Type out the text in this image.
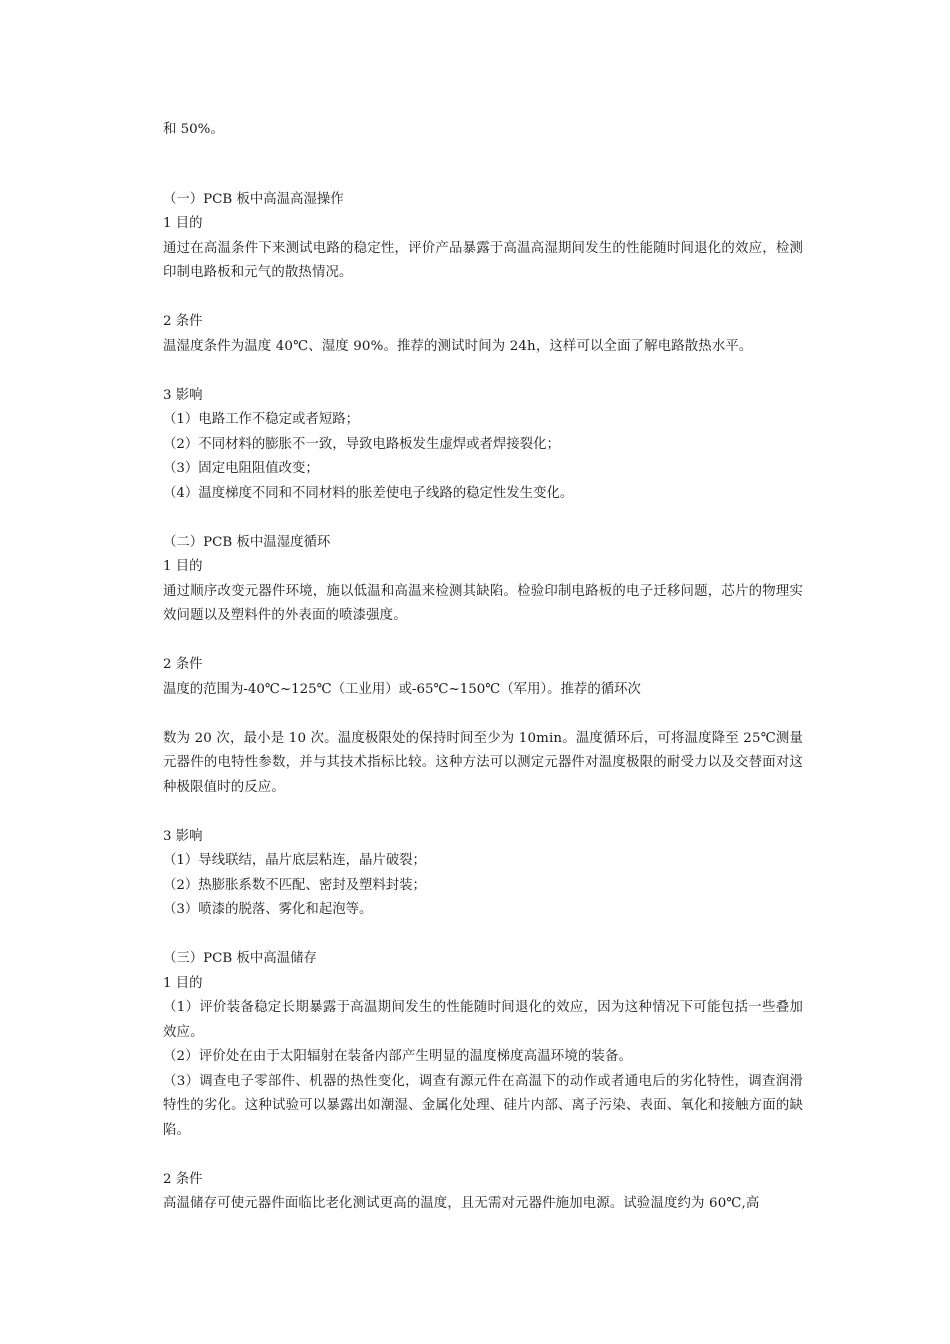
和 50%。

（一）PCB 板中高温高湿操作

1 目的

通过在高温条件下来测试电路的稳定性，评价产品暴露于高温高湿期间发生的性能随时间退化的效应，检测印制电路板和元气的散热情况。

2 条件

温湿度条件为温度 40℃、湿度 90%。推荐的测试时间为 24h，这样可以全面了解电路散热水平。

3 影响

（1）电路工作不稳定或者短路；

（2）不同材料的膨胀不一致，导致电路板发生虚焊或者焊接裂化；

（3）固定电阻阻值改变；

（4）温度梯度不同和不同材料的胀差使电子线路的稳定性发生变化。

（二）PCB 板中温湿度循环

1 目的

通过顺序改变元器件环境，施以低温和高温来检测其缺陷。检验印制电路板的电子迁移问题，芯片的物理实效问题以及塑料件的外表面的喷漆强度。

2 条件

温度的范围为-40℃~125℃（工业用）或-65℃~150℃（军用）。推荐的循环次

数为 20 次，最小是 10 次。温度极限处的保持时间至少为 10min。温度循环后，可将温度降至 25℃测量元器件的电特性参数，并与其技术指标比较。这种方法可以测定元器件对温度极限的耐受力以及交替面对这种极限值时的反应。

3 影响

（1）导线联结，晶片底层粘连，晶片破裂；

（2）热膨胀系数不匹配、密封及塑料封装；

（3）喷漆的脱落、雾化和起泡等。

（三）PCB 板中高温储存

1 目的

（1）评价装备稳定长期暴露于高温期间发生的性能随时间退化的效应，因为这种情况下可能包括一些叠加效应。

（2）评价处在由于太阳辐射在装备内部产生明显的温度梯度高温环境的装备。

（3）调查电子零部件、机器的热性变化，调查有源元件在高温下的动作或者通电后的劣化特性，调查润滑特性的劣化。这种试验可以暴露出如潮湿、金属化处理、硅片内部、离子污染、表面、氧化和接触方面的缺陷。

2 条件

高温储存可使元器件面临比老化测试更高的温度，且无需对元器件施加电源。试验温度约为 60℃,高
